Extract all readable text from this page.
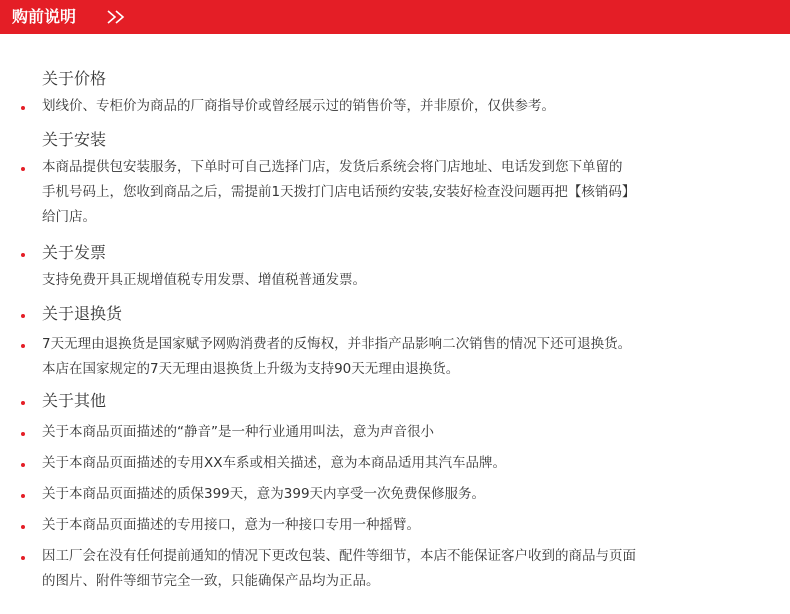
购前说明
关于价格
划线价、专柜价为商品的厂商指导价或曾经展示过的销售价等，并非原价，仅供参考。
关于安装
本商品提供包安装服务，下单时可自己选择门店，发货后系统会将门店地址、电话发到您下单留的
手机号码上，您收到商品之后，需提前1天拨打门店电话预约安装,安装好检查没问题再把【核销码】
给门店。
关于发票
支持免费开具正规增值税专用发票、增值税普通发票。
关于退换货
7天无理由退换货是国家赋予网购消费者的反悔权，并非指产品影响二次销售的情况下还可退换货。
本店在国家规定的7天无理由退换货上升级为支持90天无理由退换货。
关于其他
关于本商品页面描述的“静音”是一种行业通用叫法，意为声音很小
关于本商品页面描述的专用XX车系或相关描述，意为本商品适用其汽车品牌。
关于本商品页面描述的质保399天，意为399天内享受一次免费保修服务。
关于本商品页面描述的专用接口，意为一种接口专用一种摇臂。
因工厂会在没有任何提前通知的情况下更改包装、配件等细节，本店不能保证客户收到的商品与页面
的图片、附件等细节完全一致，只能确保产品均为正品。
